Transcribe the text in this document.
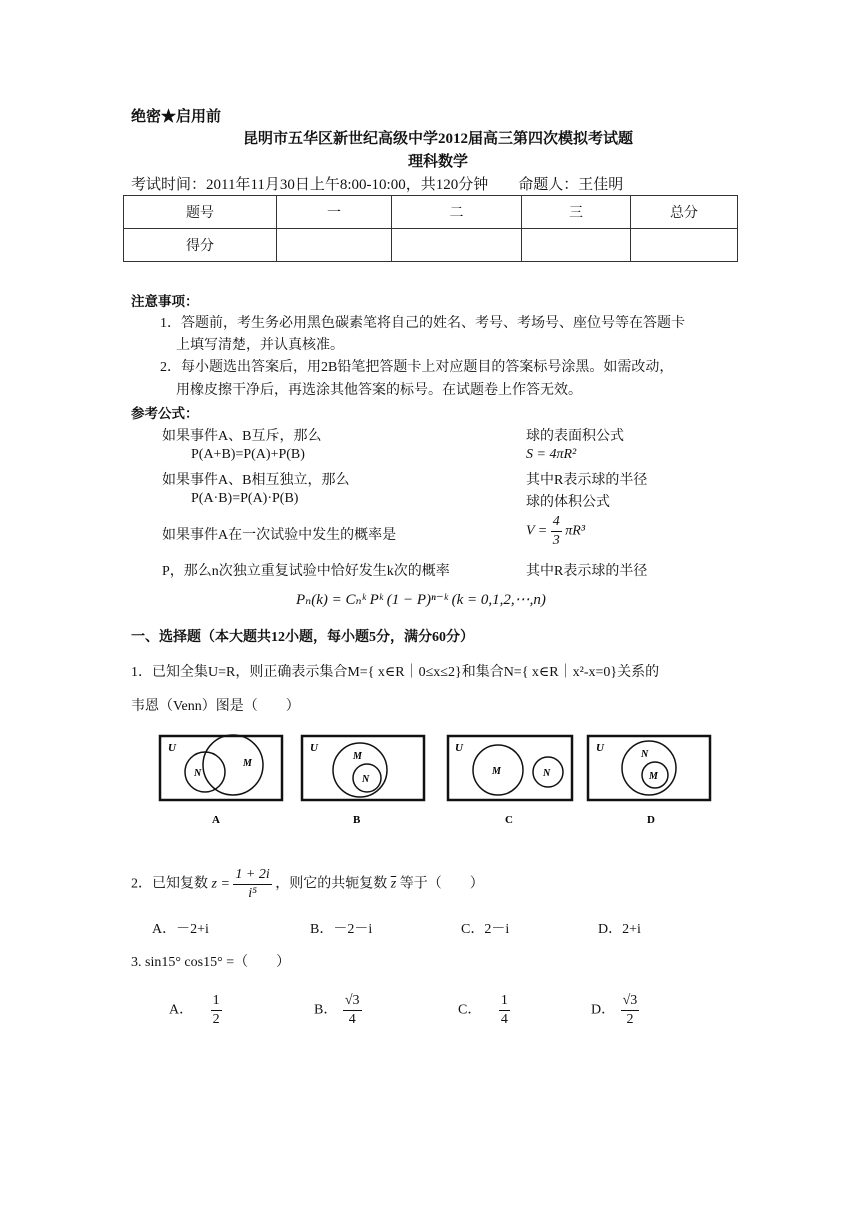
绝密★启用前
昆明市五华区新世纪高级中学2012届高三第四次模拟考试题
理科数学
考试时间：2011年11月30日上午8:00-10:00，共120分钟　　命题人：王佳明
题号	一	二	三	总分
得分				
注意事项：
1．答题前，考生务必用黑色碳素笔将自己的姓名、考号、考场号、座位号等在答题卡
上填写清楚，并认真核准。
2．每小题选出答案后，用2B铅笔把答题卡上对应题目的答案标号涂黑。如需改动，
用橡皮擦干净后，再选涂其他答案的标号。在试题卷上作答无效。
参考公式：
如果事件A、B互斥，那么
P(A+B)=P(A)+P(B)
如果事件A、B相互独立，那么
P(A·B)=P(A)·P(B)
如果事件A在一次试验中发生的概率是
P，那么n次独立重复试验中恰好发生k次的概率
球的表面积公式
S = 4πR²
其中R表示球的半径
球的体积公式
$V = \frac{4}{3} \pi R^3$
其中R表示球的半径
Pₙ(k) = Cₙᵏ Pᵏ (1 − P)ⁿ⁻ᵏ (k = 0,1,2,⋯,n)
一、选择题（本大题共12小题，每小题5分，满分60分）
1．已知全集U=R，则正确表示集合M={ x∈R｜0≤x≤2}和集合N={ x∈R｜x²-x=0}关系的
韦恩（Venn）图是（　　）
U
M
N
A
U
M
N
B
U
M	N
C
U
N
M
D
2．已知复数 $z = \frac{1 + 2i}{\text{i⁵}}$ ，则它的共轭复数 $\overline{z}$ 等于（　　）
A．－2+i	B．－2－i	C．2－i	D．2+i
3. sin15° cos15° =（　　）
A． $\frac{1}{2}$	B． $\frac{√3}{4}$	C． $\frac{1}{4}$	D． $\frac{√3}{2}$
